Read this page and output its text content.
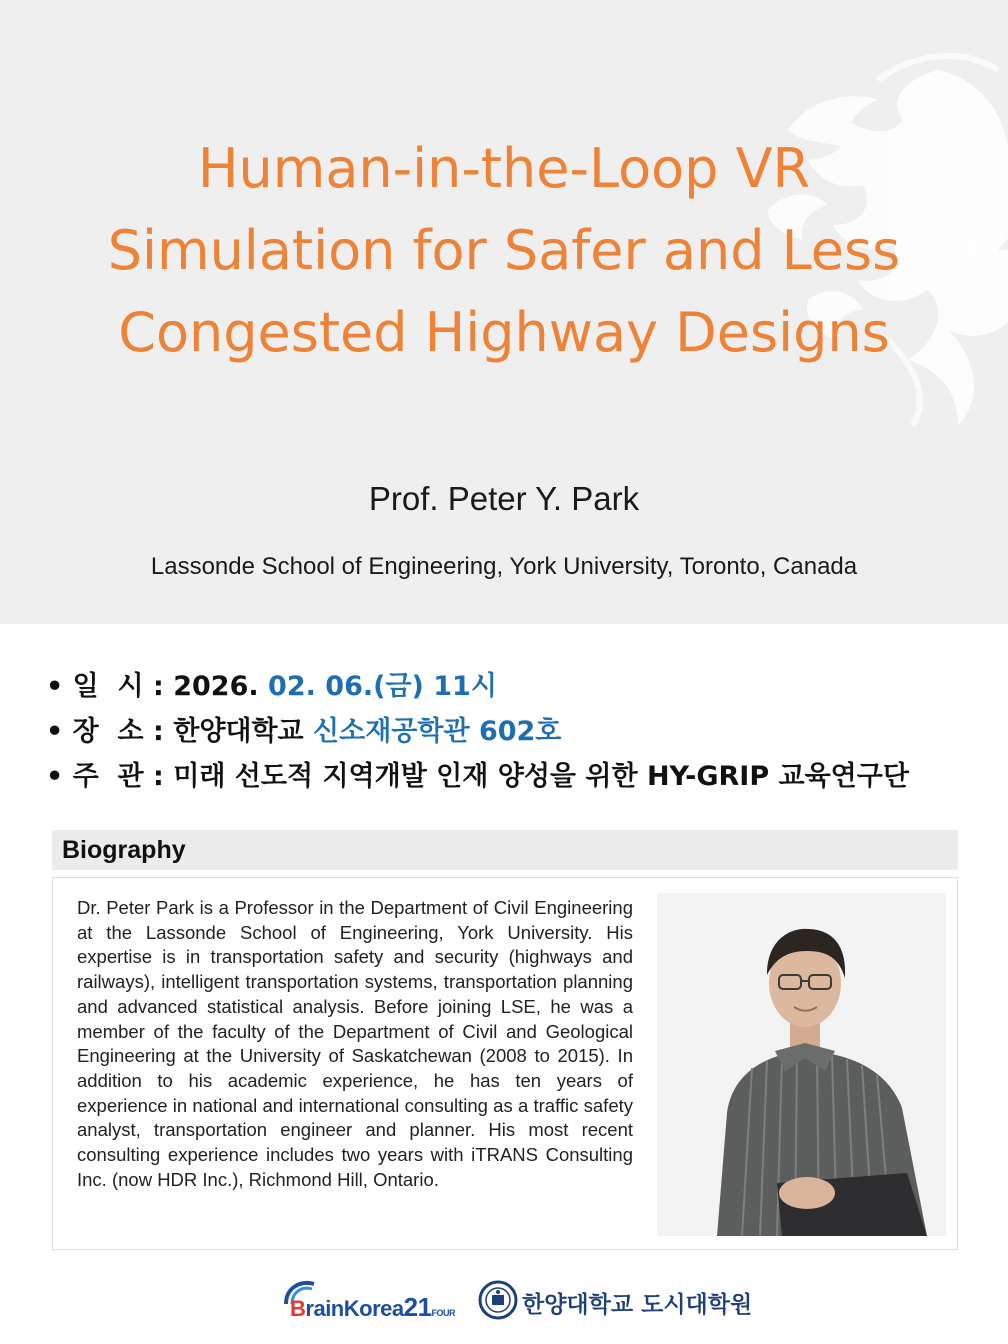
Human-in-the-Loop VR
Simulation for Safer and Less
Congested Highway Designs
Prof. Peter Y. Park
Lassonde School of Engineering, York University, Toronto, Canada
• 일  시 : 2026. 02. 06.(금) 11시
• 장  소 : 한양대학교 신소재공학관 602호
• 주  관 : 미래 선도적 지역개발 인재 양성을 위한 HY-GRIP 교육연구단
Biography

Dr. Peter Park is a Professor in the Department of Civil Engineering at the Lassonde School of Engineering, York University. His expertise is in transportation safety and security (highways and railways), intelligent transportation systems, transportation planning and advanced statistical analysis. Before joining LSE, he was a member of the faculty of the Department of Civil and Geological Engineering at the University of Saskatchewan (2008 to 2015). In addition to his academic experience, he has ten years of experience in national and international consulting as a traffic safety analyst, transportation engineer and planner. His most recent consulting experience includes two years with iTRANS Consulting Inc. (now HDR Inc.), Richmond Hill, Ontario.

BrainKorea21FOUR	한양대학교 도시대학원
